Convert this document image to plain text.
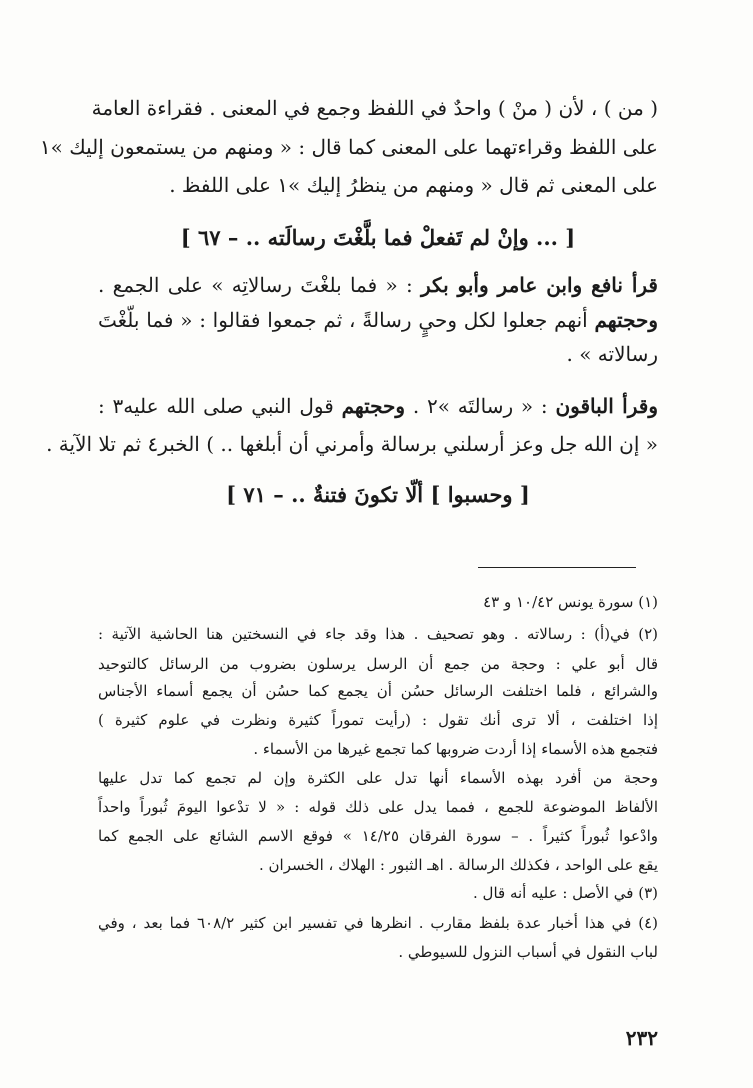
( من ) ، لأن ( منْ ) واحدٌ في اللفظ وجمع في المعنى . فقراءة العامة
على اللفظ وقراءتهما على المعنى كما قال : « ومنهم من يستمعون إليك »١
على المعنى ثم قال « ومنهم من ينظرُ إليك »١ على اللفظ .
[ ... وإنْ لم تَفعلْ فما بلَّغْتَ رسالَته .. – ٦٧ ]
قرأ نافع وابن عامر وأبو بكر : « فما بلغْتَ رسالاتِه » على الجمع .
وحجتهم أنهم جعلوا لكل وحيٍ رسالةً ، ثم جمعوا فقالوا : « فما بلّغْتَ
رسالاته » .
وقرأ الباقون : « رسالتَه »٢ . وحجتهم قول النبي صلى الله عليه٣ :
« إن الله جل وعز أرسلني برسالة وأمرني أن أبلغها .. ) الخبر٤ ثم تلا الآية .
[ وحسبوا ] ألّا تكونَ فتنةٌ .. – ٧١ ]
(١) سورة يونس ١٠/٤٢ و ٤٣
(٢) في(أ) : رسالاته . وهو تصحيف . هذا وقد جاء في النسختين هنا الحاشية الآتية :
قال أبو علي : وحجة من جمع أن الرسل يرسلون بضروب من الرسائل كالتوحيد
والشرائع ، فلما اختلفت الرسائل حسُن أن يجمع كما حسُن أن يجمع أسماء الأجناس
إذا اختلفت ، ألا ترى أنك تقول : (رأيت تموراً كثيرة ونظرت في علوم كثيرة )
فتجمع هذه الأسماء إذا أردت ضروبها كما تجمع غيرها من الأسماء .
وحجة من أفرد بهذه الأسماء أنها تدل على الكثرة وإن لم تجمع كما تدل عليها
الألفاظ الموضوعة للجمع ، فمما يدل على ذلك قوله : « لا تدْعوا اليومَ ثُبوراً واحداً
وادْعوا ثُبوراً كثيراً . – سورة الفرقان ١٤/٢٥ » فوقع الاسم الشائع على الجمع كما
يقع على الواحد ، فكذلك الرسالة . اهـ الثبور : الهلاك ، الخسران .
(٣) في الأصل : عليه أنه قال .
(٤) في هذا أخبار عدة بلفظ مقارب . انظرها في تفسير ابن كثير ٦٠٨/٢ فما بعد ، وفي
لباب النقول في أسباب النزول للسيوطي .
٢٣٢
